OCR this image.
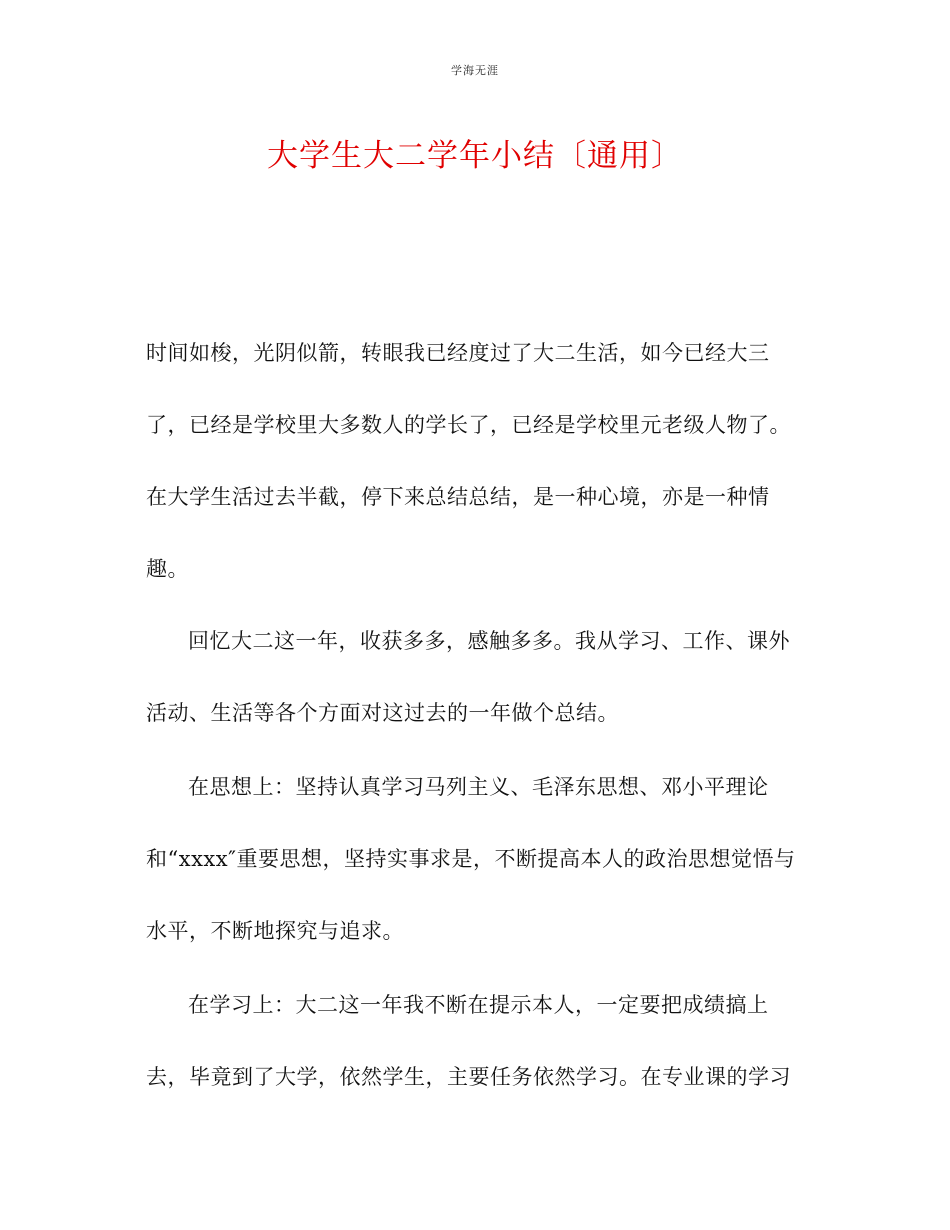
学海无涯
大学生大二学年小结〔通用〕
时间如梭，光阴似箭，转眼我已经度过了大二生活，如今已经大三
了，已经是学校里大多数人的学长了，已经是学校里元老级人物了。
在大学生活过去半截，停下来总结总结，是一种心境，亦是一种情
趣。
回忆大二这一年，收获多多，感触多多。我从学习、工作、课外
活动、生活等各个方面对这过去的一年做个总结。
在思想上：坚持认真学习马列主义、毛泽东思想、邓小平理论
和“xxxx″重要思想，坚持实事求是，不断提高本人的政治思想觉悟与
水平，不断地探究与追求。
在学习上：大二这一年我不断在提示本人，一定要把成绩搞上
去，毕竟到了大学，依然学生，主要任务依然学习。在专业课的学习
